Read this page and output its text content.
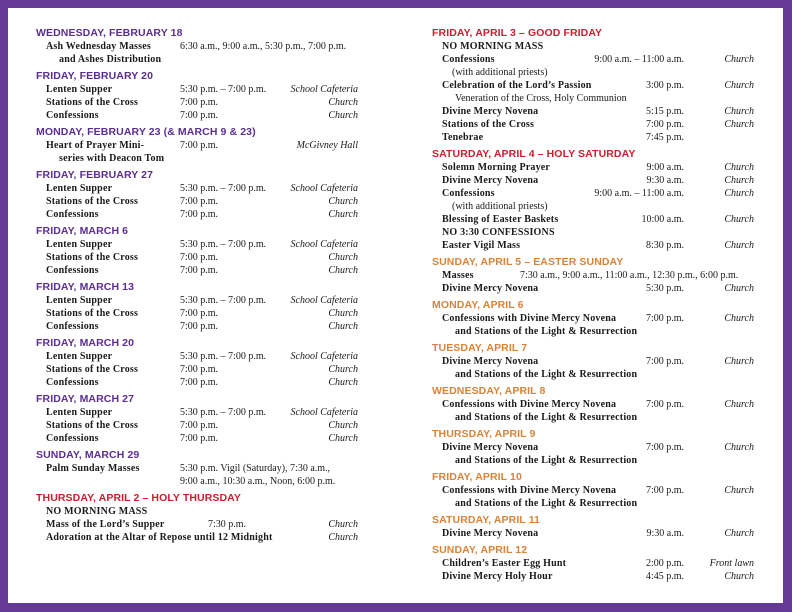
WEDNESDAY, FEBRUARY 18
Ash Wednesday Masses	6:30 a.m., 9:00 a.m., 5:30 p.m., 7:00 p.m.
and Ashes Distribution
FRIDAY, FEBRUARY 20
Lenten Supper	5:30 p.m. – 7:00 p.m. School Cafeteria
Stations of the Cross	7:00 p.m.	Church
Confessions	7:00 p.m.	Church
MONDAY, FEBRUARY 23 (& MARCH 9 & 23)
Heart of Prayer Mini-	7:00 p.m.	McGivney Hall
series with Deacon Tom
FRIDAY, FEBRUARY 27
Lenten Supper	5:30 p.m. – 7:00 p.m. School Cafeteria
Stations of the Cross	7:00 p.m.	Church
Confessions	7:00 p.m.	Church
FRIDAY, MARCH 6
Lenten Supper	5:30 p.m. – 7:00 p.m. School Cafeteria
Stations of the Cross	7:00 p.m.	Church
Confessions	7:00 p.m.	Church
FRIDAY, MARCH 13
Lenten Supper	5:30 p.m. – 7:00 p.m. School Cafeteria
Stations of the Cross	7:00 p.m.	Church
Confessions	7:00 p.m.	Church
FRIDAY, MARCH 20
Lenten Supper	5:30 p.m. – 7:00 p.m. School Cafeteria
Stations of the Cross	7:00 p.m.	Church
Confessions	7:00 p.m.	Church
FRIDAY, MARCH 27
Lenten Supper	5:30 p.m. – 7:00 p.m. School Cafeteria
Stations of the Cross	7:00 p.m.	Church
Confessions	7:00 p.m.	Church
SUNDAY, MARCH 29
Palm Sunday Masses	5:30 p.m. Vigil (Saturday), 7:30 a.m.,
9:00 a.m., 10:30 a.m., Noon, 6:00 p.m.
THURSDAY, APRIL 2 – HOLY THURSDAY
NO MORNING MASS
Mass of the Lord’s Supper	7:30 p.m.	Church
Adoration at the Altar of Repose until 12 Midnight	Church
FRIDAY, APRIL 3 – GOOD FRIDAY
NO MORNING MASS
Confessions	9:00 a.m. – 11:00 a.m.	Church
(with additional priests)
Celebration of the Lord’s Passion	3:00 p.m.	Church
Veneration of the Cross, Holy Communion
Divine Mercy Novena	5:15 p.m.	Church
Stations of the Cross	7:00 p.m.	Church
Tenebrae	7:45 p.m.
SATURDAY, APRIL 4 – HOLY SATURDAY
Solemn Morning Prayer	9:00 a.m.	Church
Divine Mercy Novena	9:30 a.m.	Church
Confessions	9:00 a.m. – 11:00 a.m.	Church
(with additional priests)
Blessing of Easter Baskets	10:00 a.m.	Church
NO 3:30 CONFESSIONS
Easter Vigil Mass	8:30 p.m.	Church
SUNDAY, APRIL 5 – EASTER SUNDAY
Masses	7:30 a.m., 9:00 a.m., 11:00 a.m., 12:30 p.m., 6:00 p.m.
Divine Mercy Novena	5:30 p.m.	Church
MONDAY, APRIL 6
Confessions with Divine Mercy Novena	7:00 p.m.	Church
and Stations of the Light & Resurrection
TUESDAY, APRIL 7
Divine Mercy Novena	7:00 p.m.	Church
and Stations of the Light & Resurrection
WEDNESDAY, APRIL 8
Confessions with Divine Mercy Novena	7:00 p.m.	Church
and Stations of the Light & Resurrection
THURSDAY, APRIL 9
Divine Mercy Novena	7:00 p.m.	Church
and Stations of the Light & Resurrection
FRIDAY, APRIL 10
Confessions with Divine Mercy Novena	7:00 p.m.	Church
and Stations of the Light & Resurrection
SATURDAY, APRIL 11
Divine Mercy Novena	9:30 a.m.	Church
SUNDAY, APRIL 12
Children’s Easter Egg Hunt	2:00 p.m.	Front lawn
Divine Mercy Holy Hour	4:45 p.m.	Church
